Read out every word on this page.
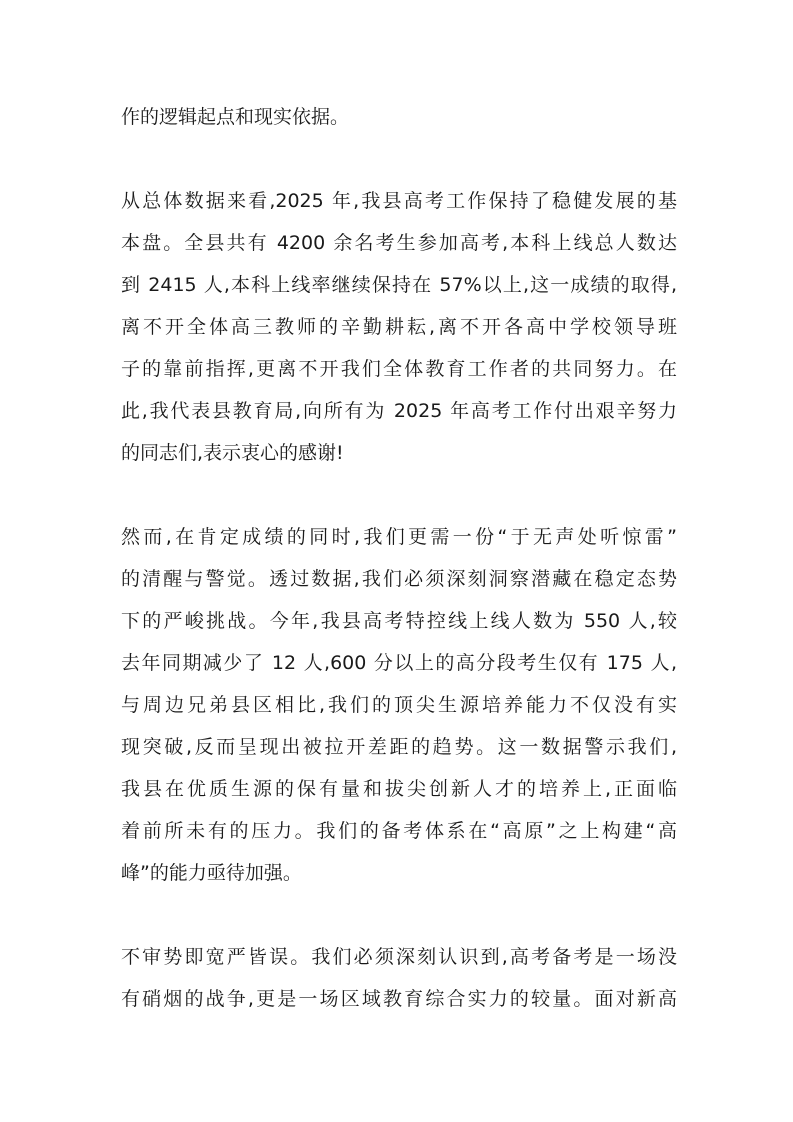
作的逻辑起点和现实依据。
从总体数据来看,2025 年,我县高考工作保持了稳健发展的基
本盘。全县共有 4200 余名考生参加高考,本科上线总人数达
到 2415 人,本科上线率继续保持在 57%以上,这一成绩的取得,
离不开全体高三教师的辛勤耕耘,离不开各高中学校领导班
子的靠前指挥,更离不开我们全体教育工作者的共同努力。在
此,我代表县教育局,向所有为 2025 年高考工作付出艰辛努力
的同志们,表示衷心的感谢!
然而,在肯定成绩的同时,我们更需一份“于无声处听惊雷”
的清醒与警觉。透过数据,我们必须深刻洞察潜藏在稳定态势
下的严峻挑战。今年,我县高考特控线上线人数为 550 人,较
去年同期减少了 12 人,600 分以上的高分段考生仅有 175 人,
与周边兄弟县区相比,我们的顶尖生源培养能力不仅没有实
现突破,反而呈现出被拉开差距的趋势。这一数据警示我们,
我县在优质生源的保有量和拔尖创新人才的培养上,正面临
着前所未有的压力。我们的备考体系在“高原”之上构建“高
峰”的能力亟待加强。
不审势即宽严皆误。我们必须深刻认识到,高考备考是一场没
有硝烟的战争,更是一场区域教育综合实力的较量。面对新高
